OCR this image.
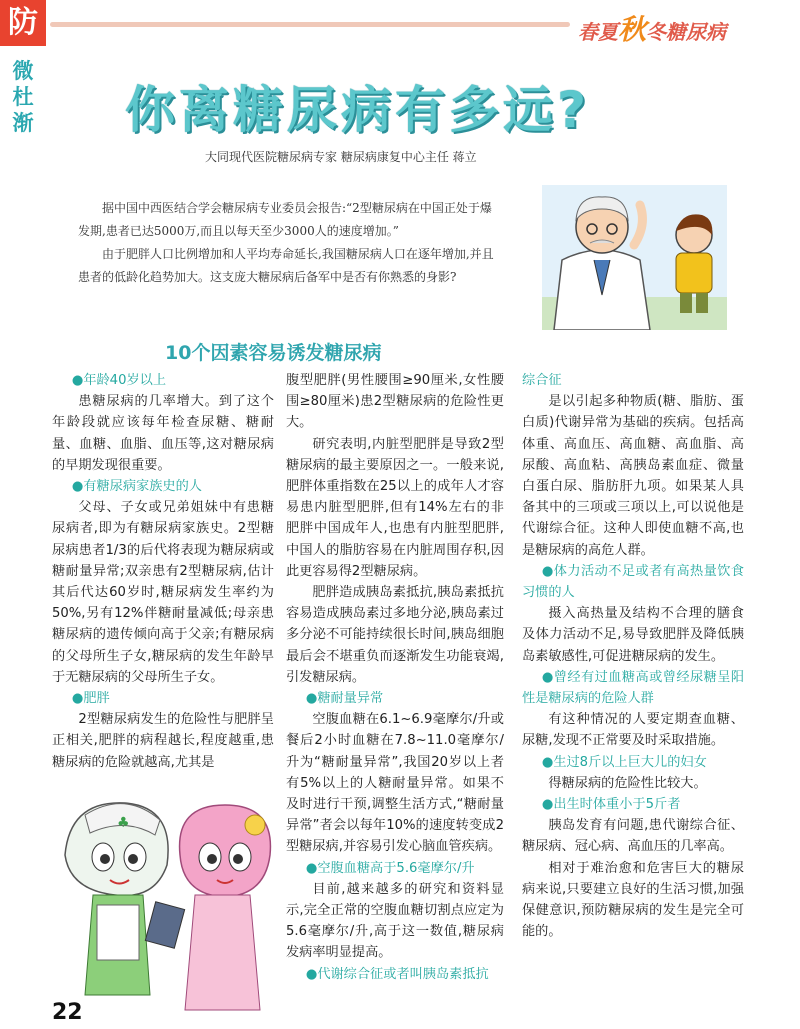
防
微杜渐
春夏秋冬糖尿病
你离糖尿病有多远?
大同现代医院糖尿病专家 糖尿病康复中心主任 蒋立

据中国中西医结合学会糖尿病专业委员会报告:“2型糖尿病在中国正处于爆发期,患者已达5000万,而且以每天至少3000人的速度增加。”

由于肥胖人口比例增加和人平均寿命延长,我国糖尿病人口在逐年增加,并且患者的低龄化趋势加大。这支庞大糖尿病后备军中是否有你熟悉的身影?

10个因素容易诱发糖尿病

●年龄40岁以上

患糖尿病的几率增大。到了这个年龄段就应该每年检查尿糖、糖耐量、血糖、血脂、血压等,这对糖尿病的早期发现很重要。

●有糖尿病家族史的人

父母、子女或兄弟姐妹中有患糖尿病者,即为有糖尿病家族史。2型糖尿病患者1/3的后代将表现为糖尿病或糖耐量异常;双亲患有2型糖尿病,估计其后代达60岁时,糖尿病发生率约为50%,另有12%伴糖耐量减低;母亲患糖尿病的遗传倾向高于父亲;有糖尿病的父母所生子女,糖尿病的发生年龄早于无糖尿病的父母所生子女。

●肥胖

2型糖尿病发生的危险性与肥胖呈正相关,肥胖的病程越长,程度越重,患糖尿病的危险就越高,尤其是

腹型肥胖(男性腰围≥90厘米,女性腰围≥80厘米)患2型糖尿病的危险性更大。

研究表明,内脏型肥胖是导致2型糖尿病的最主要原因之一。一般来说,肥胖体重指数在25以上的成年人才容易患内脏型肥胖,但有14%左右的非肥胖中国成年人,也患有内脏型肥胖,中国人的脂肪容易在内脏周围存积,因此更容易得2型糖尿病。

肥胖造成胰岛素抵抗,胰岛素抵抗容易造成胰岛素过多地分泌,胰岛素过多分泌不可能持续很长时间,胰岛细胞最后会不堪重负而逐渐发生功能衰竭,引发糖尿病。

●糖耐量异常

空腹血糖在6.1~6.9毫摩尔/升或餐后2小时血糖在7.8~11.0毫摩尔/升为“糖耐量异常”,我国20岁以上者有5%以上的人糖耐量异常。如果不及时进行干预,调整生活方式,“糖耐量异常”者会以每年10%的速度转变成2型糖尿病,并容易引发心脑血管疾病。

●空腹血糖高于5.6毫摩尔/升

目前,越来越多的研究和资料显示,完全正常的空腹血糖切割点应定为5.6毫摩尔/升,高于这一数值,糖尿病发病率明显提高。

●代谢综合征或者叫胰岛素抵抗

综合征

是以引起多种物质(糖、脂肪、蛋白质)代谢异常为基础的疾病。包括高体重、高血压、高血糖、高血脂、高尿酸、高血粘、高胰岛素血症、微量白蛋白尿、脂肪肝九项。如果某人具备其中的三项或三项以上,可以说他是代谢综合征。这种人即使血糖不高,也是糖尿病的高危人群。

●体力活动不足或者有高热量饮食习惯的人

摄入高热量及结构不合理的膳食及体力活动不足,易导致肥胖及降低胰岛素敏感性,可促进糖尿病的发生。

●曾经有过血糖高或曾经尿糖呈阳性是糖尿病的危险人群

有这种情况的人要定期查血糖、尿糖,发现不正常要及时采取措施。

●生过8斤以上巨大儿的妇女

得糖尿病的危险性比较大。

●出生时体重小于5斤者

胰岛发育有问题,患代谢综合征、糖尿病、冠心病、高血压的几率高。

相对于难治愈和危害巨大的糖尿病来说,只要建立良好的生活习惯,加强保健意识,预防糖尿病的发生是完全可能的。

♣
22
